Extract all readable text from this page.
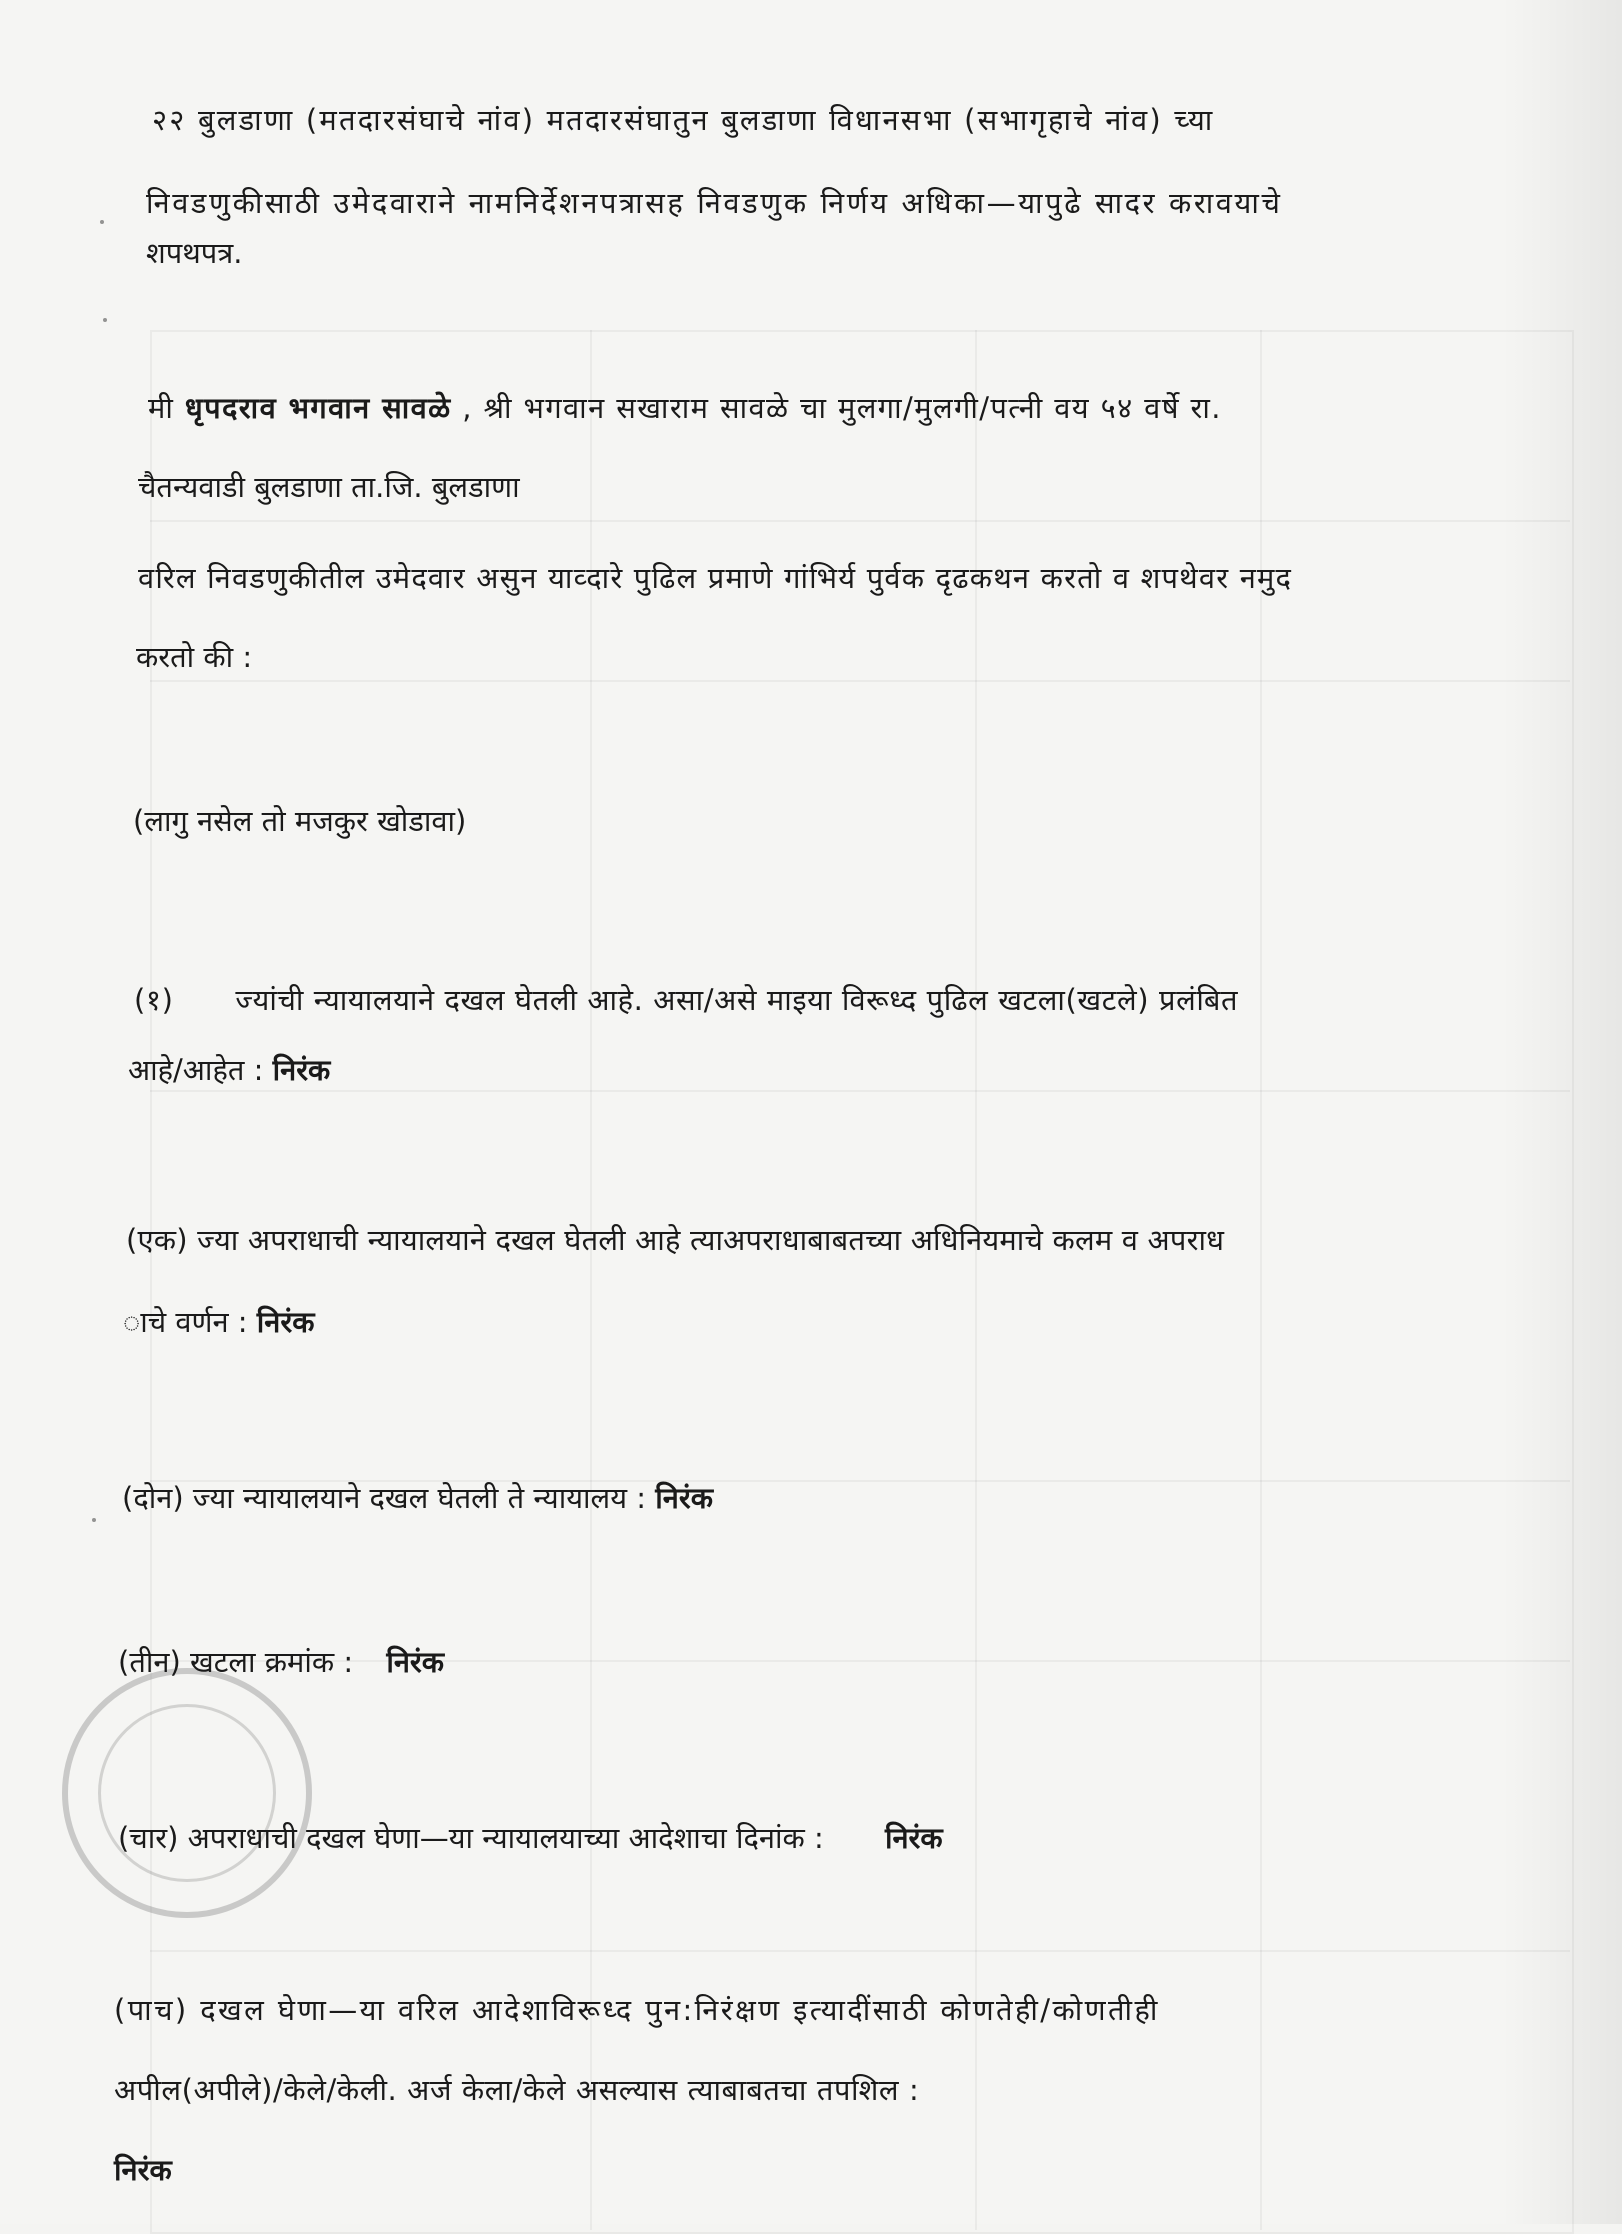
२२ बुलडाणा (मतदारसंघाचे नांव) मतदारसंघातुन बुलडाणा विधानसभा (सभागृहाचे नांव) च्या
निवडणुकीसाठी उमेदवाराने नामनिर्देशनपत्रासह निवडणुक निर्णय अधिका—यापुढे सादर करावयाचे
शपथपत्र.
मी धृपदराव भगवान सावळे , श्री भगवान सखाराम सावळे चा मुलगा/मुलगी/पत्नी वय ५४ वर्षे रा.
चैतन्यवाडी बुलडाणा ता.जि. बुलडाणा
वरिल निवडणुकीतील उमेदवार असुन याव्दारे पुढिल प्रमाणे गांभिर्य पुर्वक दृढकथन करतो व शपथेवर नमुद
करतो की :
(लागु नसेल तो मजकुर खोडावा)
(१) ज्यांची न्यायालयाने दखल घेतली आहे. असा/असे माइया विरूध्द पुढिल खटला(खटले) प्रलंबित
आहे/आहेत : निरंक
(एक) ज्या अपराधाची न्यायालयाने दखल घेतली आहे त्याअपराधाबाबतच्या अधिनियमाचे कलम व अपराध
ाचे वर्णन : निरंक
(दोन) ज्या न्यायालयाने दखल घेतली ते न्यायालय : निरंक
(तीन) खटला क्रमांक : निरंक
(चार) अपराधाची दखल घेणा—या न्यायालयाच्या आदेशाचा दिनांक : निरंक
(पाच) दखल घेणा—या वरिल आदेशाविरूध्द पुन:निरंक्षण इत्यादींसाठी कोणतेही/कोणतीही
अपील(अपीले)/केले/केली. अर्ज केला/केले असल्यास त्याबाबतचा तपशिल :
निरंक
